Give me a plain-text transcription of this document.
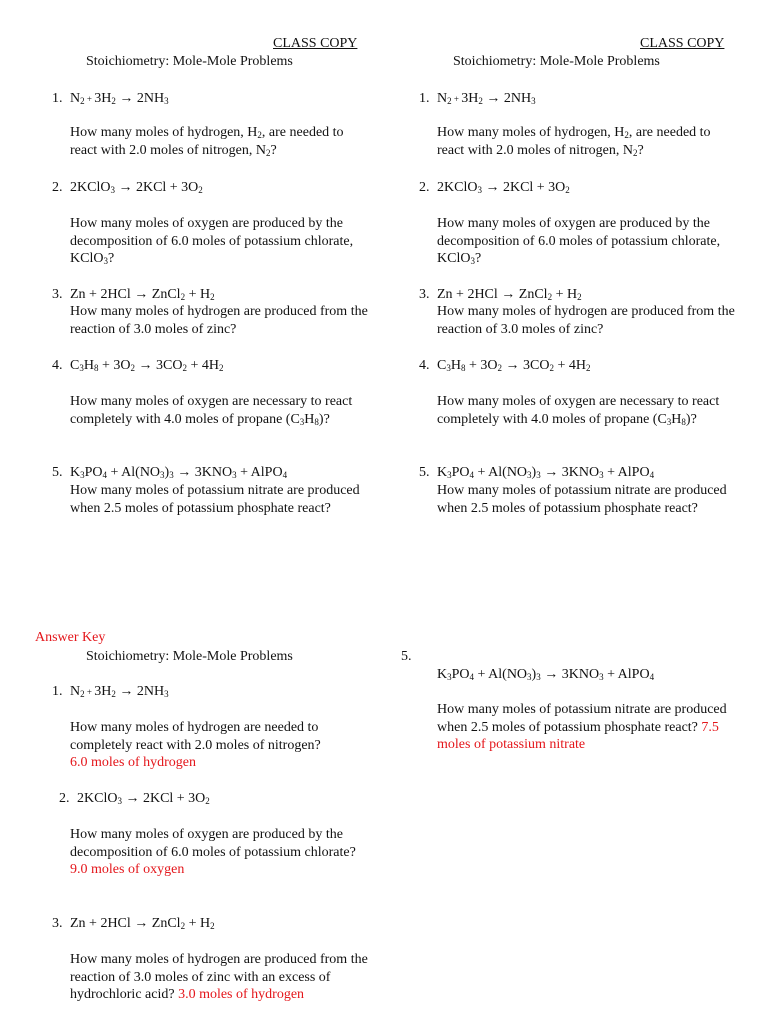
CLASS COPY
Stoichiometry: Mole-Mole Problems
1. $N_2 + 3H_2 \to 2NH_3$
How many moles of hydrogen, $H_2$, are needed to react with 2.0 moles of nitrogen, $N_2$?
2. 2KClO$_3$ → $2KCl + 3O_2$
How many moles of oxygen are produced by the decomposition of 6.0 moles of potassium chlorate, KClO$_3$?
3. Zn + 2HCl → ZnCl$_2$ + $H_2$
How many moles of hydrogen are produced from the reaction of 3.0 moles of zinc?
4. $C_3H_8 + 3O_2 \to 3CO_2 + 4H_2$
How many moles of oxygen are necessary to react completely with 4.0 moles of propane $(C_3H_8)$?
5. $K_3PO_4 + Al(NO_3)_3 \to 3KNO_3$ + AlPO$_4$
How many moles of potassium nitrate are produced when 2.5 moles of potassium phosphate react?
CLASS COPY
Stoichiometry: Mole-Mole Problems
1. $N_2 + 3H_2 \to 2NH_3$
How many moles of hydrogen, $H_2$, are needed to react with 2.0 moles of nitrogen, $N_2$?
2. 2KClO$_3$ → $2KCl + 3O_2$
How many moles of oxygen are produced by the decomposition of 6.0 moles of potassium chlorate, KClO$_3$?
3. Zn + 2HCl → ZnCl$_2$ + $H_2$
How many moles of hydrogen are produced from the reaction of 3.0 moles of zinc?
4. $C_3H_8 + 3O_2 \to 3CO_2 + 4H_2$
How many moles of oxygen are necessary to react completely with 4.0 moles of propane $(C_3H_8)$?
5. $K_3PO_4 + Al(NO_3)_3 \to 3KNO_3$ + AlPO$_4$
How many moles of potassium nitrate are produced when 2.5 moles of potassium phosphate react?
Answer Key
Stoichiometry: Mole-Mole Problems
1. $N_2 + 3H_2 \to 2NH_3$
How many moles of hydrogen are needed to completely react with 2.0 moles of nitrogen?
6.0 moles of hydrogen
2. 2KClO$_3$ → $2KCl + 3O_2$
How many moles of oxygen are produced by the decomposition of 6.0 moles of potassium chlorate? 9.0 moles of oxygen
3. Zn + 2HCl → ZnCl$_2$ + $H_2$
How many moles of hydrogen are produced from the reaction of 3.0 moles of zinc with an excess of hydrochloric acid? 3.0 moles of hydrogen
5.
$K_3PO_4 + Al(NO_3)_3 \to 3KNO_3$ + AlPO$_4$
How many moles of potassium nitrate are produced when 2.5 moles of potassium phosphate react? 7.5 moles of potassium nitrate
